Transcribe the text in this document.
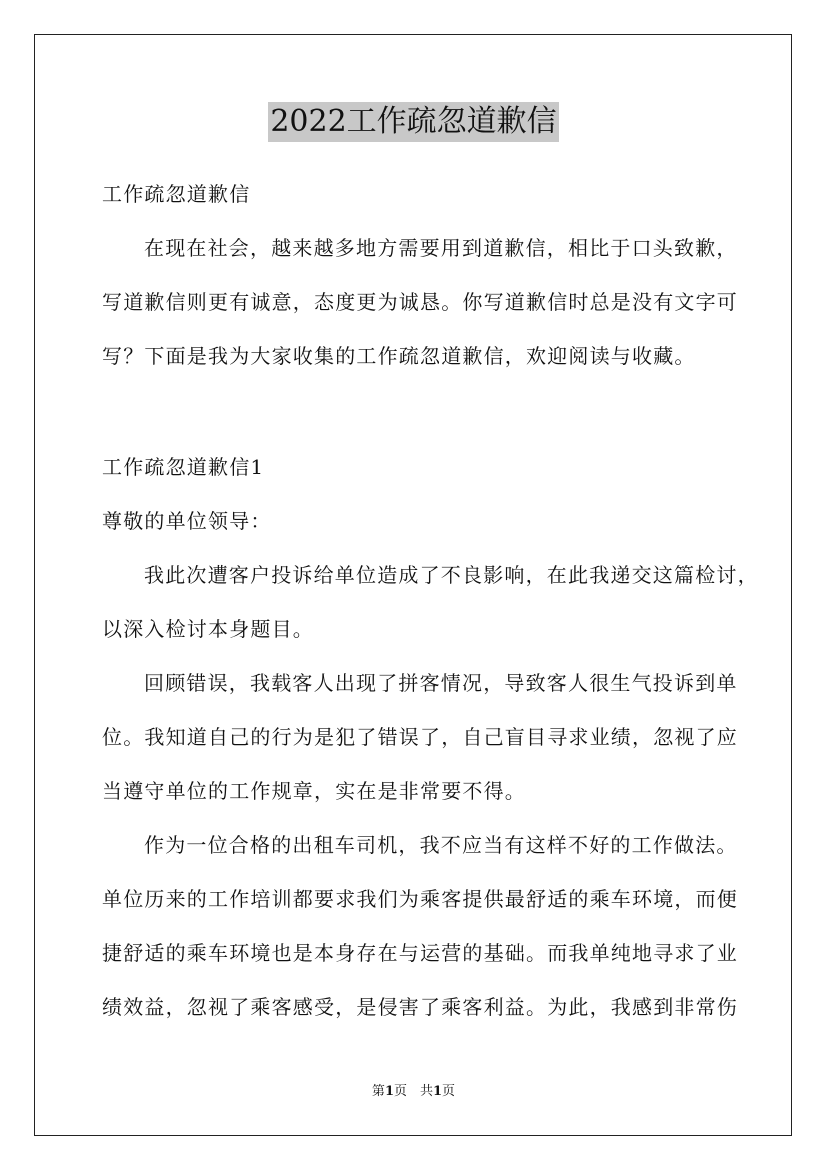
2022工作疏忽道歉信
工作疏忽道歉信
在现在社会，越来越多地方需要用到道歉信，相比于口头致歉，
写道歉信则更有诚意，态度更为诚恳。你写道歉信时总是没有文字可
写？下面是我为大家收集的工作疏忽道歉信，欢迎阅读与收藏。
工作疏忽道歉信1
尊敬的单位领导：
我此次遭客户投诉给单位造成了不良影响，在此我递交这篇检讨，
以深入检讨本身题目。
回顾错误，我载客人出现了拼客情况，导致客人很生气投诉到单
位。我知道自己的行为是犯了错误了，自己盲目寻求业绩，忽视了应
当遵守单位的工作规章，实在是非常要不得。
作为一位合格的出租车司机，我不应当有这样不好的工作做法。
单位历来的工作培训都要求我们为乘客提供最舒适的乘车环境，而便
捷舒适的乘车环境也是本身存在与运营的基础。而我单纯地寻求了业
绩效益，忽视了乘客感受，是侵害了乘客利益。为此，我感到非常伤
第1页　共1页
